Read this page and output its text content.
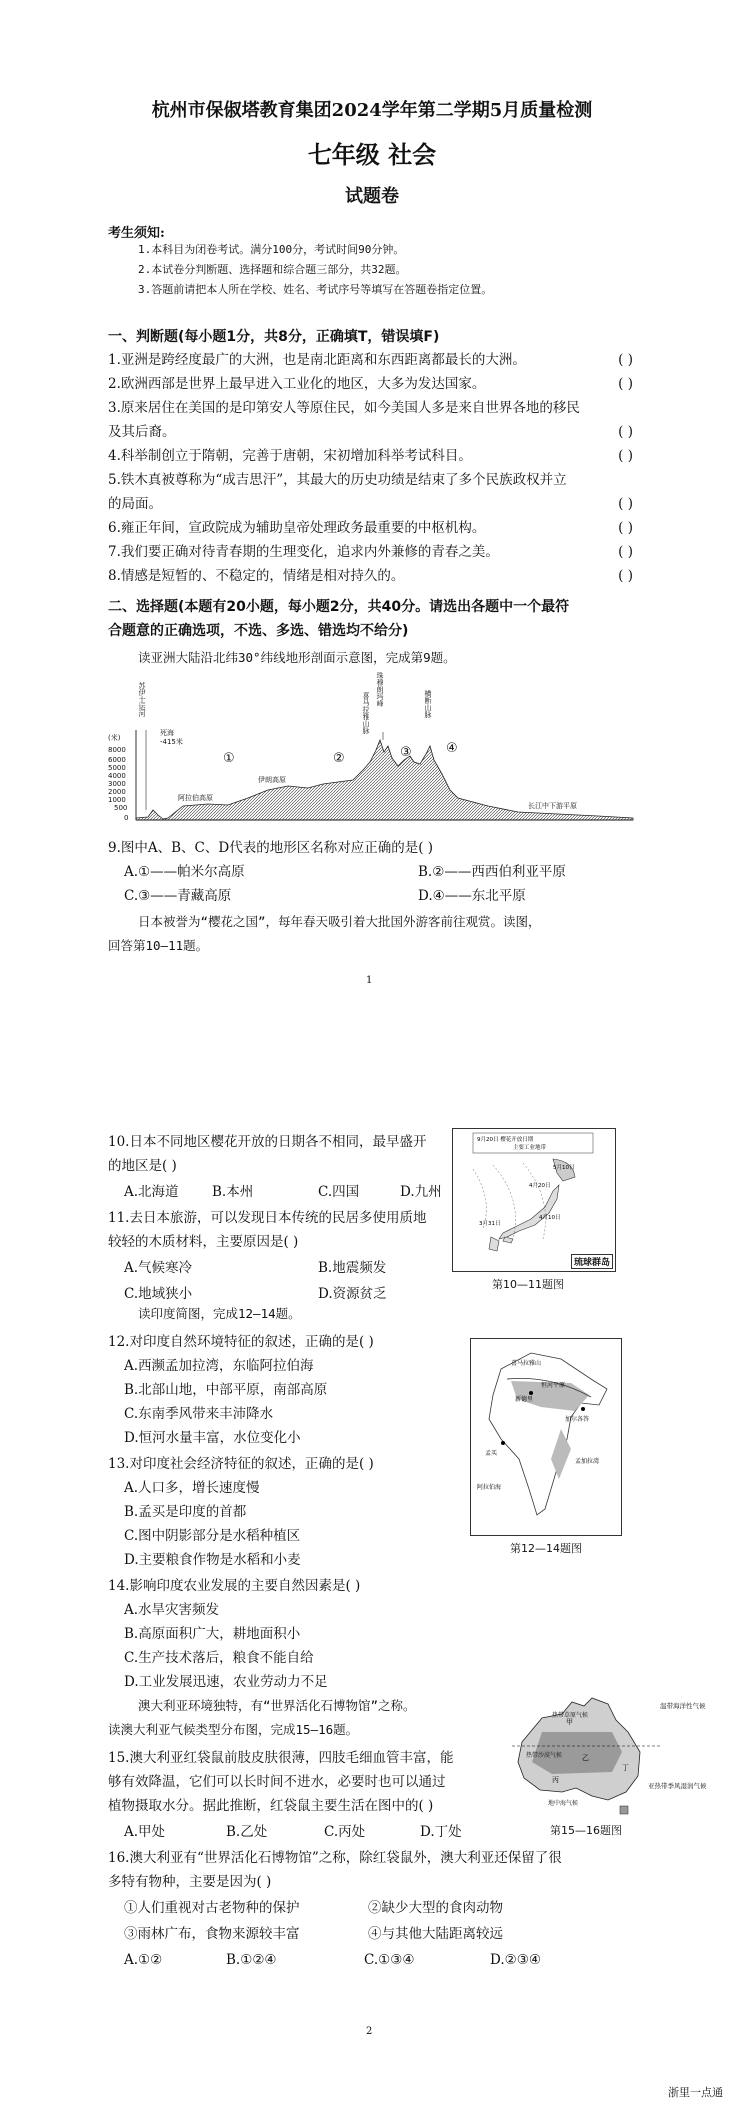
杭州市保俶塔教育集团2024学年第二学期5月质量检测
七年级 社会
试题卷
考生须知:
1.本科目为闭卷考试。满分100分，考试时间90分钟。
2.本试卷分判断题、选择题和综合题三部分，共32题。
3.答题前请把本人所在学校、姓名、考试序号等填写在答题卷指定位置。
一、判断题(每小题1分，共8分，正确填T，错误填F)
1.亚洲是跨经度最广的大洲，也是南北距离和东西距离都最长的大洲。	( )
2.欧洲西部是世界上最早进入工业化的地区，大多为发达国家。	( )
3.原来居住在美国的是印第安人等原住民，如今美国人多是来自世界各地的移民
及其后裔。	( )
4.科举制创立于隋朝，完善于唐朝，宋初增加科举考试科目。	( )
5.铁木真被尊称为“成吉思汗”，其最大的历史功绩是结束了多个民族政权并立
的局面。	( )
6.雍正年间，宣政院成为辅助皇帝处理政务最重要的中枢机构。	( )
7.我们要正确对待青春期的生理变化，追求内外兼修的青春之美。	( )
8.情感是短暂的、不稳定的，情绪是相对持久的。	( )
二、选择题(本题有20小题，每小题2分，共40分。请选出各题中一个最符
合题意的正确选项，不选、多选、错选均不给分)
读亚洲大陆沿北纬30°纬线地形剖面示意图，完成第9题。
8000
6000
5000
4000
3000
2000
1000
500
0
(米)
死海
-415米
阿拉伯高原
伊朗高原
长江中下游平原
苏伊士运河	喜马拉雅山脉
珠穆朗玛峰	横断山脉
①	②	③	④
9.图中A、B、C、D代表的地形区名称对应正确的是( )
A.①——帕米尔高原	B.②——西西伯利亚平原
C.③——青藏高原	D.④——东北平原
日本被誉为“樱花之国”，每年春天吸引着大批国外游客前往观赏。读图，
回答第10—11题。
1
10.日本不同地区樱花开放的日期各不相同，最早盛开
的地区是( )
A.北海道 B.本州	C.四国	D.九州
11.去日本旅游，可以发现日本传统的民居多使用质地
较轻的木质材料，主要原因是( )
A.气候寒冷	B.地震频发
C.地域狭小	D.资源贫乏
9月20日 樱花开放日期
主要工业地带
5月10日
4月20日
4月10日
3月31日
琉球群岛
第10—11题图
读印度简图，完成12—14题。
12.对印度自然环境特征的叙述，正确的是( )
A.西濒孟加拉湾，东临阿拉伯海
B.北部山地，中部平原，南部高原
C.东南季风带来丰沛降水
D.恒河水量丰富，水位变化小
13.对印度社会经济特征的叙述，正确的是( )
A.人口多，增长速度慢
B.孟买是印度的首都
C.图中阴影部分是水稻种植区
D.主要粮食作物是水稻和小麦
14.影响印度农业发展的主要自然因素是( )
A.水旱灾害频发
B.高原面积广大，耕地面积小
C.生产技术落后，粮食不能自给
D.工业发展迅速，农业劳动力不足
喜马拉雅山
新德里
孟买
加尔各答
阿拉伯海
孟加拉湾
恒河平原
第12—14题图
澳大利亚环境独特，有“世界活化石博物馆”之称。
读澳大利亚气候类型分布图，完成15—16题。
15.澳大利亚红袋鼠前肢皮肤很薄，四肢毛细血管丰富，能
够有效降温，它们可以长时间不进水，必要时也可以通过
植物摄取水分。据此推断，红袋鼠主要生活在图中的( )
A.甲处	B.乙处	C.丙处	D.丁处
甲
乙
丙
丁
热带草原气候
热带沙漠气候
地中海气候
温带海洋性气候
亚热带季风湿润气候
第15—16题图
16.澳大利亚有“世界活化石博物馆”之称，除红袋鼠外，澳大利亚还保留了很
多特有物种，主要是因为( )
①人们重视对古老物种的保护	②缺少大型的食肉动物
③雨林广布，食物来源较丰富	④与其他大陆距离较远
A.①②	B.①②④	C.①③④	D.②③④
2
浙里一点通
